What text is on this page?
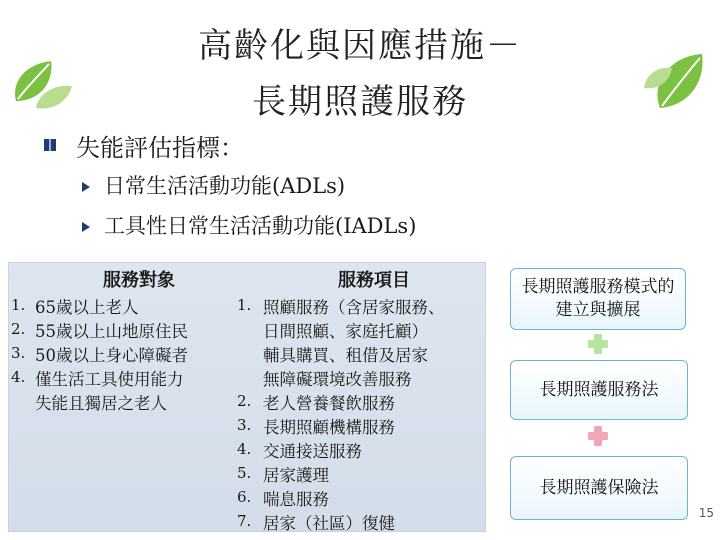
高齡化與因應措施－
長期照護服務
失能評估指標：
日常生活活動功能(ADLs)
工具性日常生活活動功能(IADLs)
服務對象	服務項目
1. 65歲以上老人
2. 55歲以上山地原住民
3. 50歲以上身心障礙者
4. 僅生活工具使用能力
失能且獨居之老人
1. 照顧服務（含居家服務、
日間照顧、家庭托顧）
輔具購買、租借及居家
無障礙環境改善服務
2. 老人營養餐飲服務
3. 長期照顧機構服務
4. 交通接送服務
5. 居家護理
6. 喘息服務
7. 居家（社區）復健
長期照護服務模式的建立與擴展
長期照護服務法
長期照護保險法
15
